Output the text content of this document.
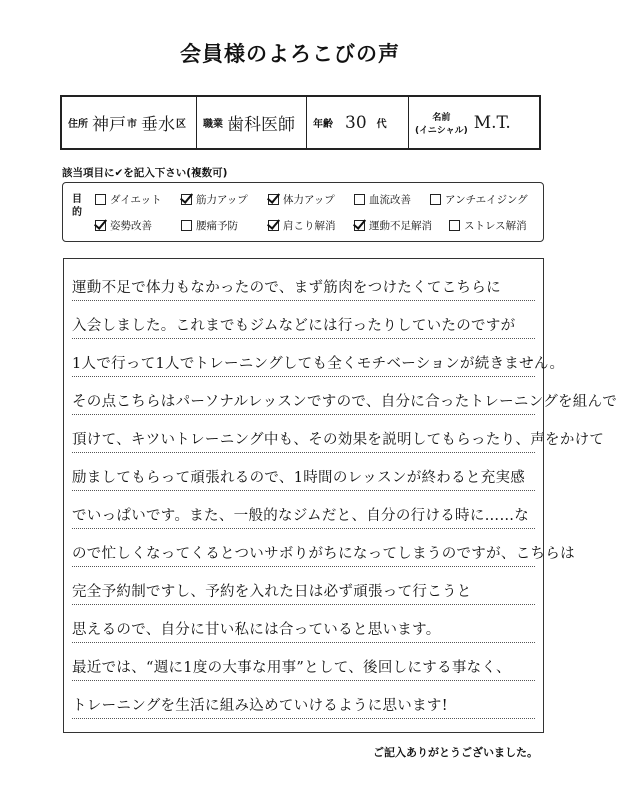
会員様のよろこびの声
住所 神戸 市 垂水 区 職業 歯科医師 年齢 30 代
名前
(イニシャル) M.T.
該当項目に✔を記入下さい(複数可)
目的
ダイエット	筋力アップ	体力アップ	血流改善	アンチエイジング
姿勢改善	腰痛予防	肩こり解消	運動不足解消	ストレス解消
運動不足で体力もなかったので、まず筋肉をつけたくてこちらに
入会しました。これまでもジムなどには行ったりしていたのですが
1人で行って1人でトレーニングしても全くモチベーションが続きません。
その点こちらはパーソナルレッスンですので、自分に合ったトレーニングを組んで
頂けて、キツいトレーニング中も、その効果を説明してもらったり、声をかけて
励ましてもらって頑張れるので、1時間のレッスンが終わると充実感
でいっぱいです。また、一般的なジムだと、自分の行ける時に……な
ので忙しくなってくるとついサボりがちになってしまうのですが、こちらは
完全予約制ですし、予約を入れた日は必ず頑張って行こうと
思えるので、自分に甘い私には合っていると思います。
最近では、“週に1度の大事な用事”として、後回しにする事なく、
トレーニングを生活に組み込めていけるように思います!
ご記入ありがとうございました。
